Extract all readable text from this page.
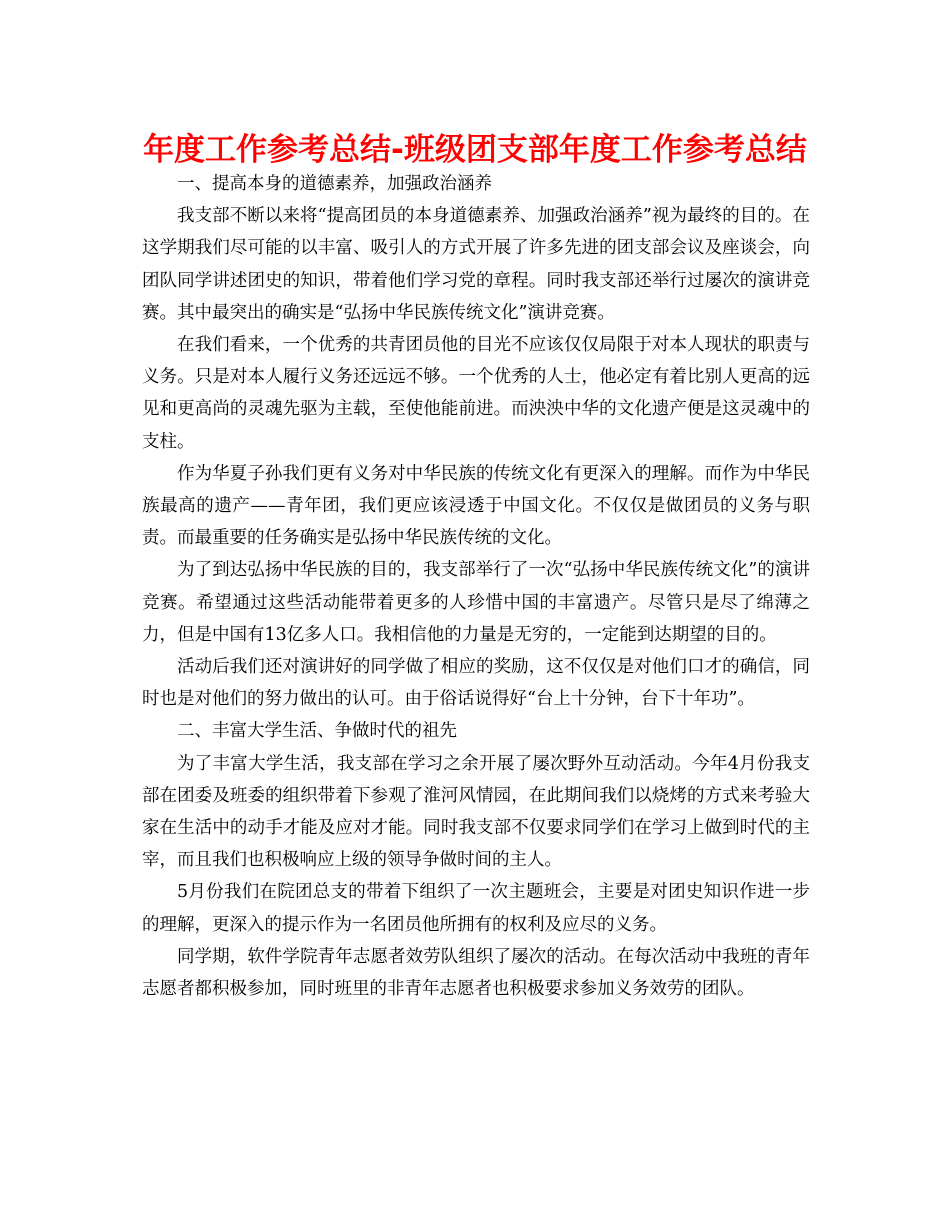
年度工作参考总结-班级团支部年度工作参考总结

一、提高本身的道德素养，加强政治涵养

我支部不断以来将“提高团员的本身道德素养、加强政治涵养”视为最终的目的。在这学期我们尽可能的以丰富、吸引人的方式开展了许多先进的团支部会议及座谈会，向团队同学讲述团史的知识，带着他们学习党的章程。同时我支部还举行过屡次的演讲竞赛。其中最突出的确实是“弘扬中华民族传统文化”演讲竞赛。

在我们看来，一个优秀的共青团员他的目光不应该仅仅局限于对本人现状的职责与义务。只是对本人履行义务还远远不够。一个优秀的人士，他必定有着比别人更高的远见和更高尚的灵魂先驱为主载，至使他能前进。而泱泱中华的文化遗产便是这灵魂中的支柱。

作为华夏子孙我们更有义务对中华民族的传统文化有更深入的理解。而作为中华民族最高的遗产——青年团，我们更应该浸透于中国文化。不仅仅是做团员的义务与职责。而最重要的任务确实是弘扬中华民族传统的文化。

为了到达弘扬中华民族的目的，我支部举行了一次“弘扬中华民族传统文化”的演讲竞赛。希望通过这些活动能带着更多的人珍惜中国的丰富遗产。尽管只是尽了绵薄之力，但是中国有13亿多人口。我相信他的力量是无穷的，一定能到达期望的目的。

活动后我们还对演讲好的同学做了相应的奖励，这不仅仅是对他们口才的确信，同时也是对他们的努力做出的认可。由于俗话说得好“台上十分钟，台下十年功”。

二、丰富大学生活、争做时代的祖先

为了丰富大学生活，我支部在学习之余开展了屡次野外互动活动。今年4月份我支部在团委及班委的组织带着下参观了淮河风情园，在此期间我们以烧烤的方式来考验大家在生活中的动手才能及应对才能。同时我支部不仅要求同学们在学习上做到时代的主宰，而且我们也积极响应上级的领导争做时间的主人。

5月份我们在院团总支的带着下组织了一次主题班会，主要是对团史知识作进一步的理解，更深入的提示作为一名团员他所拥有的权利及应尽的义务。

同学期，软件学院青年志愿者效劳队组织了屡次的活动。在每次活动中我班的青年志愿者都积极参加，同时班里的非青年志愿者也积极要求参加义务效劳的团队。
